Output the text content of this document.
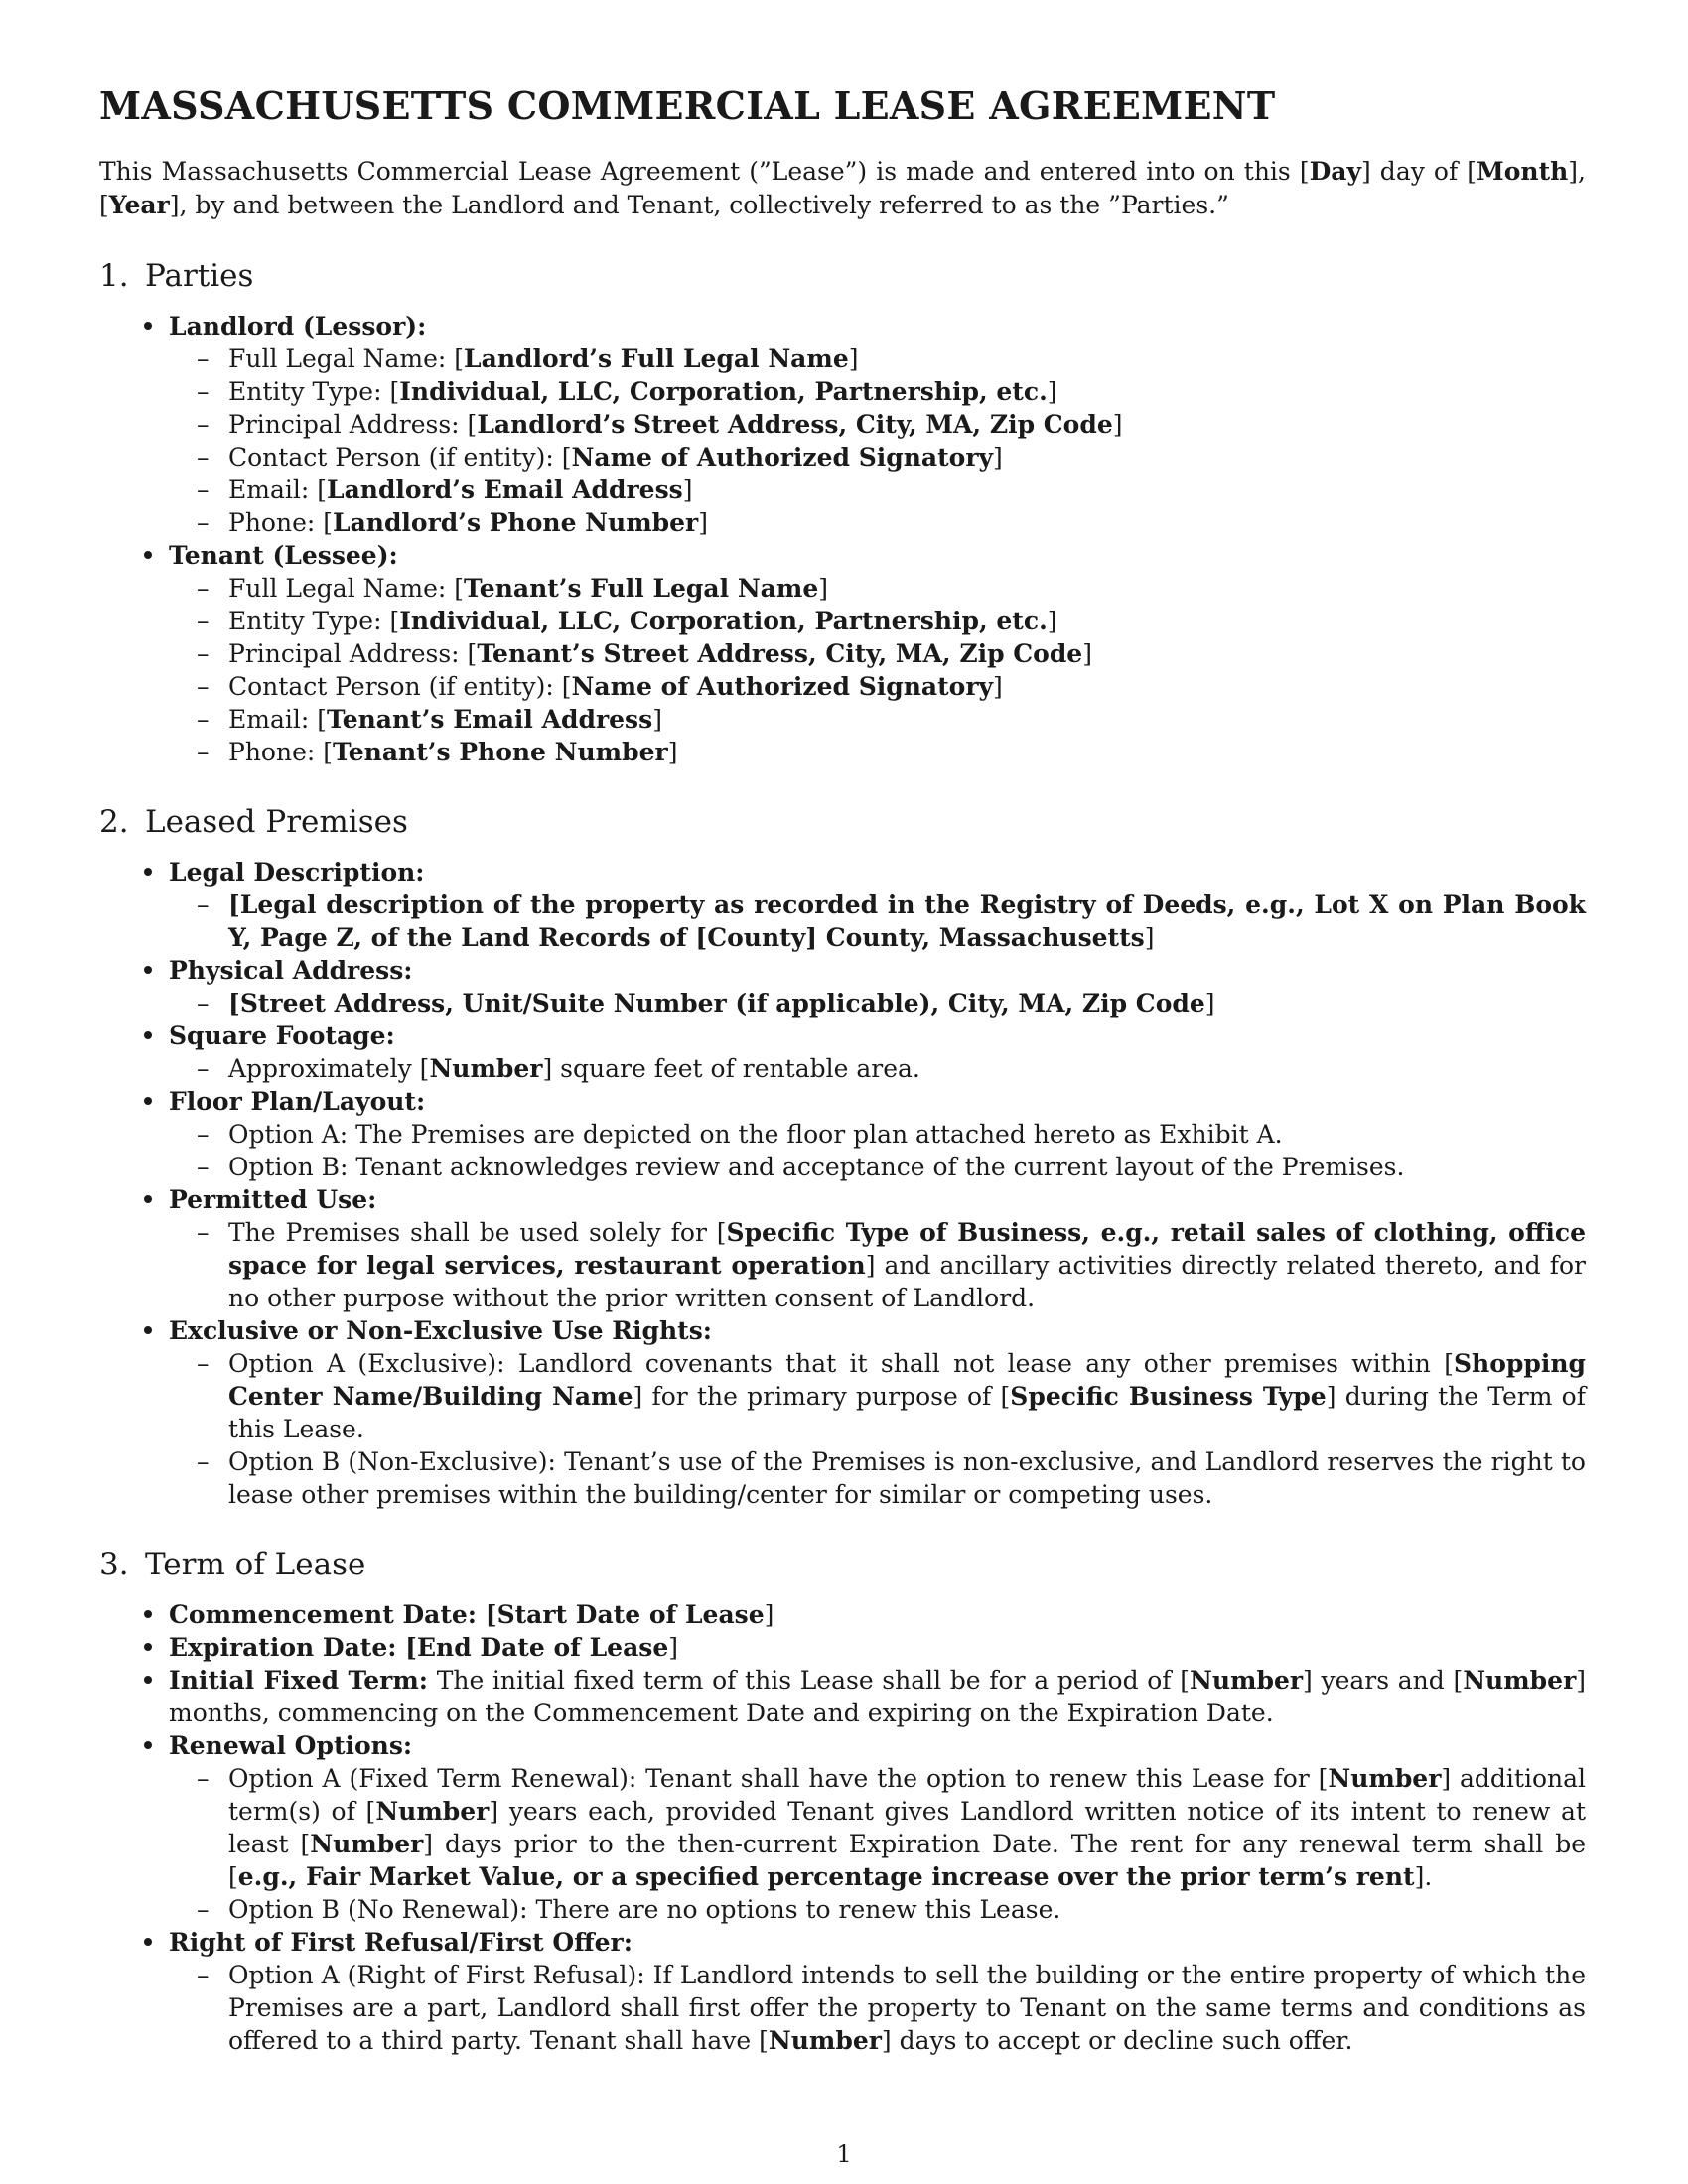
MASSACHUSETTS COMMERCIAL LEASE AGREEMENT

This Massachusetts Commercial Lease Agreement (”Lease”) is made and entered into on this [Day] day of [Month], [Year], by and between the Landlord and Tenant, collectively referred to as the ”Parties.”

1. Parties
Landlord (Lessor):
– Full Legal Name: [Landlord’s Full Legal Name]
– Entity Type: [Individual, LLC, Corporation, Partnership, etc.]
– Principal Address: [Landlord’s Street Address, City, MA, Zip Code]
– Contact Person (if entity): [Name of Authorized Signatory]
– Email: [Landlord’s Email Address]
– Phone: [Landlord’s Phone Number]
Tenant (Lessee):
– Full Legal Name: [Tenant’s Full Legal Name]
– Entity Type: [Individual, LLC, Corporation, Partnership, etc.]
– Principal Address: [Tenant’s Street Address, City, MA, Zip Code]
– Contact Person (if entity): [Name of Authorized Signatory]
– Email: [Tenant’s Email Address]
– Phone: [Tenant’s Phone Number]
2. Leased Premises
Legal Description:
– [Legal description of the property as recorded in the Registry of Deeds, e.g., Lot X on Plan Book Y, Page Z, of the Land Records of [County] County, Massachusetts]
Physical Address:
– [Street Address, Unit/Suite Number (if applicable), City, MA, Zip Code]
Square Footage:
– Approximately [Number] square feet of rentable area.
Floor Plan/Layout:
– Option A: The Premises are depicted on the floor plan attached hereto as Exhibit A.
– Option B: Tenant acknowledges review and acceptance of the current layout of the Premises.
Permitted Use:
– The Premises shall be used solely for [Specific Type of Business, e.g., retail sales of clothing, office space for legal services, restaurant operation] and ancillary activities directly related thereto, and for no other purpose without the prior written consent of Landlord.
Exclusive or Non-Exclusive Use Rights:
– Option A (Exclusive): Landlord covenants that it shall not lease any other premises within [Shopping Center Name/Building Name] for the primary purpose of [Specific Business Type] during the Term of this Lease.
– Option B (Non-Exclusive): Tenant’s use of the Premises is non-exclusive, and Landlord reserves the right to lease other premises within the building/center for similar or competing uses.
3. Term of Lease
Commencement Date: [Start Date of Lease]
Expiration Date: [End Date of Lease]
Initial Fixed Term: The initial fixed term of this Lease shall be for a period of [Number] years and [Number] months, commencing on the Commencement Date and expiring on the Expiration Date.
Renewal Options:
– Option A (Fixed Term Renewal): Tenant shall have the option to renew this Lease for [Number] additional term(s) of [Number] years each, provided Tenant gives Landlord written notice of its intent to renew at least [Number] days prior to the then-current Expiration Date. The rent for any renewal term shall be [e.g., Fair Market Value, or a specified percentage increase over the prior term’s rent].
– Option B (No Renewal): There are no options to renew this Lease.
Right of First Refusal/First Offer:
– Option A (Right of First Refusal): If Landlord intends to sell the building or the entire property of which the Premises are a part, Landlord shall first offer the property to Tenant on the same terms and conditions as offered to a third party. Tenant shall have [Number] days to accept or decline such offer.
1
